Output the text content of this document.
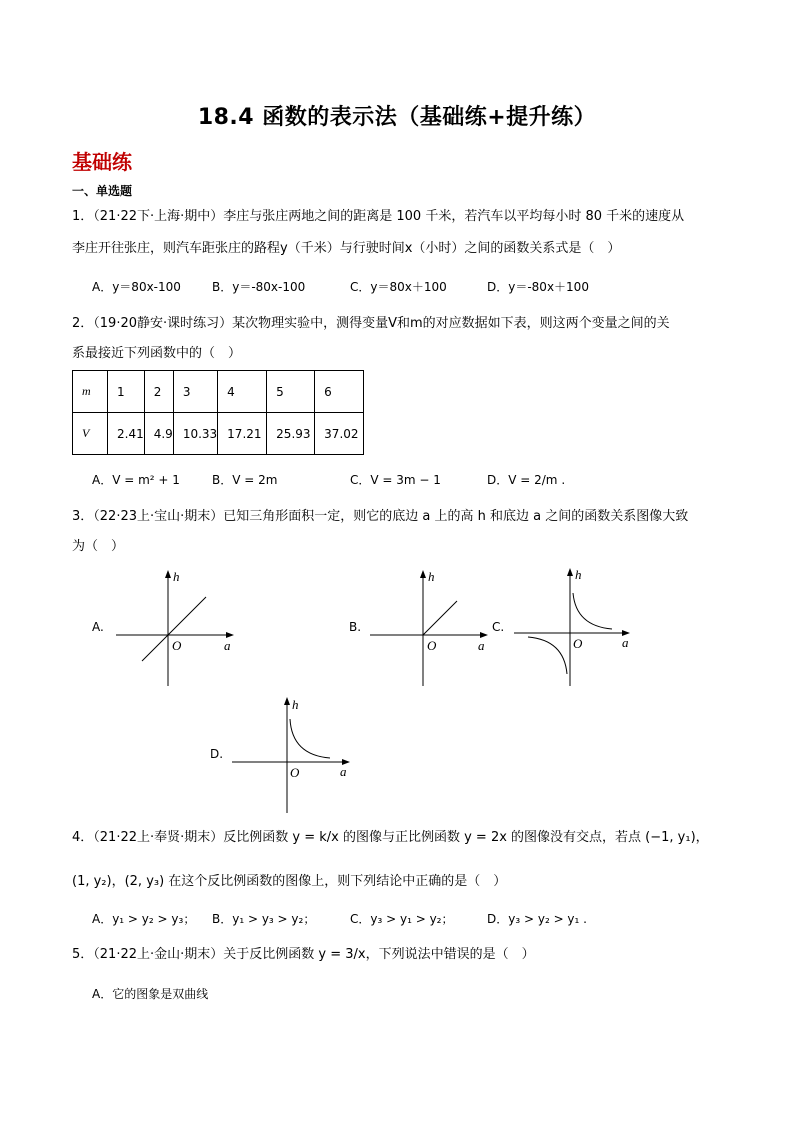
18.4 函数的表示法（基础练+提升练）
基础练
一、单选题
1．（21·22下·上海·期中）李庄与张庄两地之间的距离是 100 千米，若汽车以平均每小时 80 千米的速度从
李庄开往张庄，则汽车距张庄的路程y（千米）与行驶时间x（小时）之间的函数关系式是（　）
A．y＝80x-100	B．y＝-80x-100	C．y＝80x＋100	D．y＝-80x＋100
2．（19·20静安·课时练习）某次物理实验中，测得变量V和m的对应数据如下表，则这两个变量之间的关
系最接近下列函数中的（　）
m	1	2	3	4	5	6
V	2.41	4.9	10.33	17.21	25.93	37.02
A．V = m² + 1	B．V = 2m	C．V = 3m − 1	D．V = 2/m .
3．（22·23上·宝山·期末）已知三角形面积一定，则它的底边 a 上的高 h 和底边 a 之间的函数关系图像大致
为（　）
A.	B.	C.
D.
h
a
O
h
a
O
h
a
O
h
a
O
4．（21·22上·奉贤·期末）反比例函数 y = k/x 的图像与正比例函数 y = 2x 的图像没有交点，若点 (−1, y₁)，
(1, y₂)，(2, y₃) 在这个反比例函数的图像上，则下列结论中正确的是（　）
A．y₁ > y₂ > y₃； B．y₁ > y₃ > y₂；	C．y₃ > y₁ > y₂；	D．y₃ > y₂ > y₁ .
5．（21·22上·金山·期末）关于反比例函数 y = 3/x，下列说法中错误的是（　）
A．它的图象是双曲线
